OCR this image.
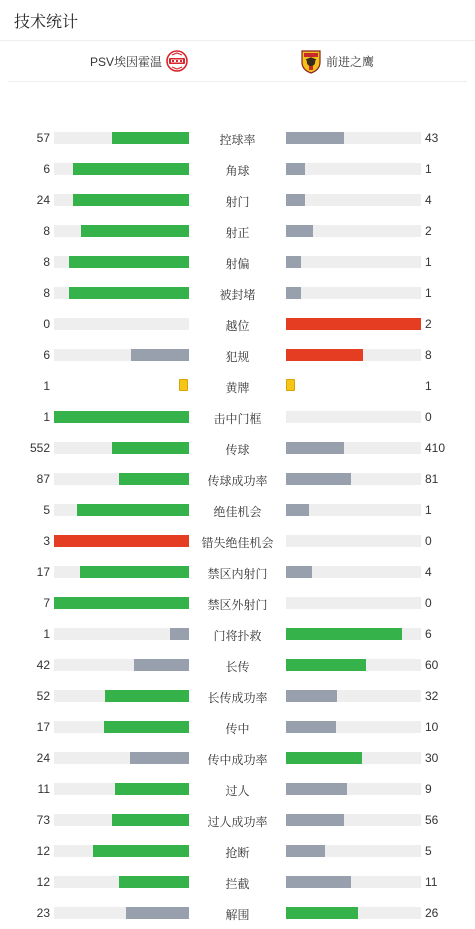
技术统计
PSV埃因霍温	前进之鹰
57	控球率	43
6	角球	1
24	射门	4
8	射正	2
8	射偏	1
8	被封堵	1
0	越位	2
6	犯规	8
1	黄牌	1
1	击中门框	0
552	传球	410
87	传球成功率	81
5	绝佳机会	1
3	错失绝佳机会	0
17	禁区内射门	4
7	禁区外射门	0
1	门将扑救	6
42	长传	60
52	长传成功率	32
17	传中	10
24	传中成功率	30
11	过人	9
73	过人成功率	56
12	抢断	5
12	拦截	11
23	解围	26
